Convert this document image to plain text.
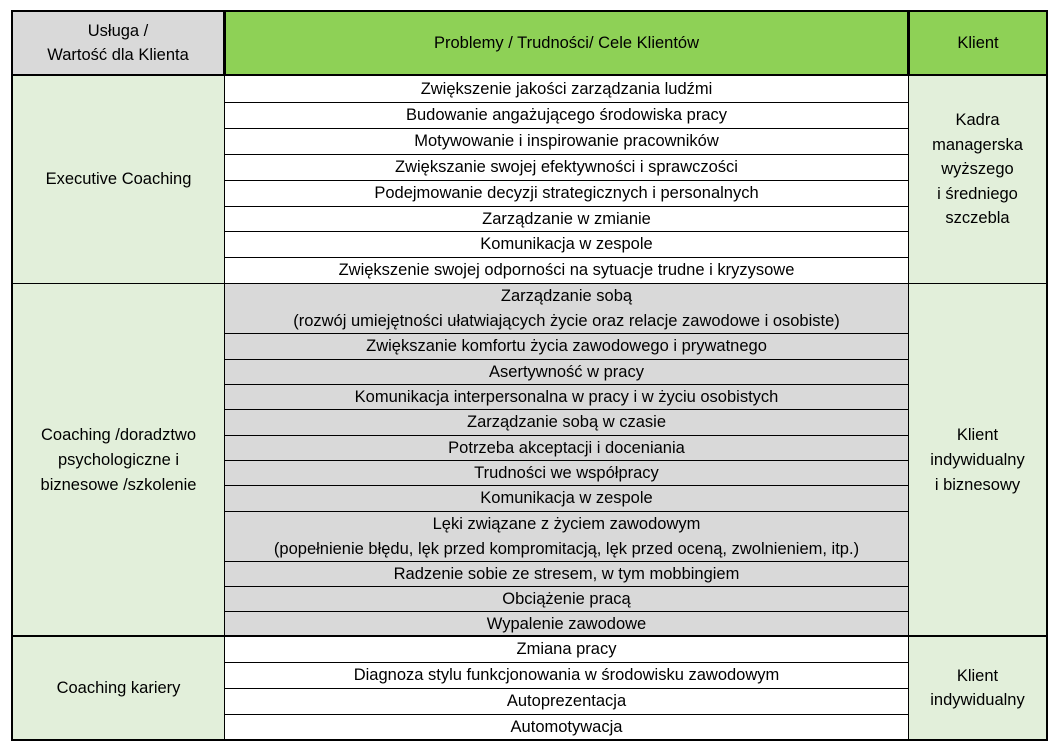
Usługa /
Wartość dla Klienta
Problemy / Trudności/ Cele Klientów	Klient
Executive Coaching
Kadra
managerska
wyższego
i średniego
szczebla
Zwiększenie jakości zarządzania ludźmi
Budowanie angażującego środowiska pracy
Motywowanie i inspirowanie pracowników
Zwiększanie swojej efektywności i sprawczości
Podejmowanie decyzji strategicznych i personalnych
Zarządzanie w zmianie
Komunikacja w zespole
Zwiększenie swojej odporności na sytuacje trudne i kryzysowe
Coaching /doradztwo
psychologiczne i
biznesowe /szkolenie
Klient
indywidualny
i biznesowy
Zarządzanie sobą
(rozwój umiejętności ułatwiających życie oraz relacje zawodowe i osobiste)
Zwiększanie komfortu życia zawodowego i prywatnego
Asertywność w pracy
Komunikacja interpersonalna w pracy i w życiu osobistych
Zarządzanie sobą w czasie
Potrzeba akceptacji i doceniania
Trudności we współpracy
Komunikacja w zespole
Lęki związane z życiem zawodowym
(popełnienie błędu, lęk przed kompromitacją, lęk przed oceną, zwolnieniem, itp.)
Radzenie sobie ze stresem, w tym mobbingiem
Obciążenie pracą
Wypalenie zawodowe
Coaching kariery
Klient
indywidualny
Zmiana pracy
Diagnoza stylu funkcjonowania w środowisku zawodowym
Autoprezentacja
Automotywacja
